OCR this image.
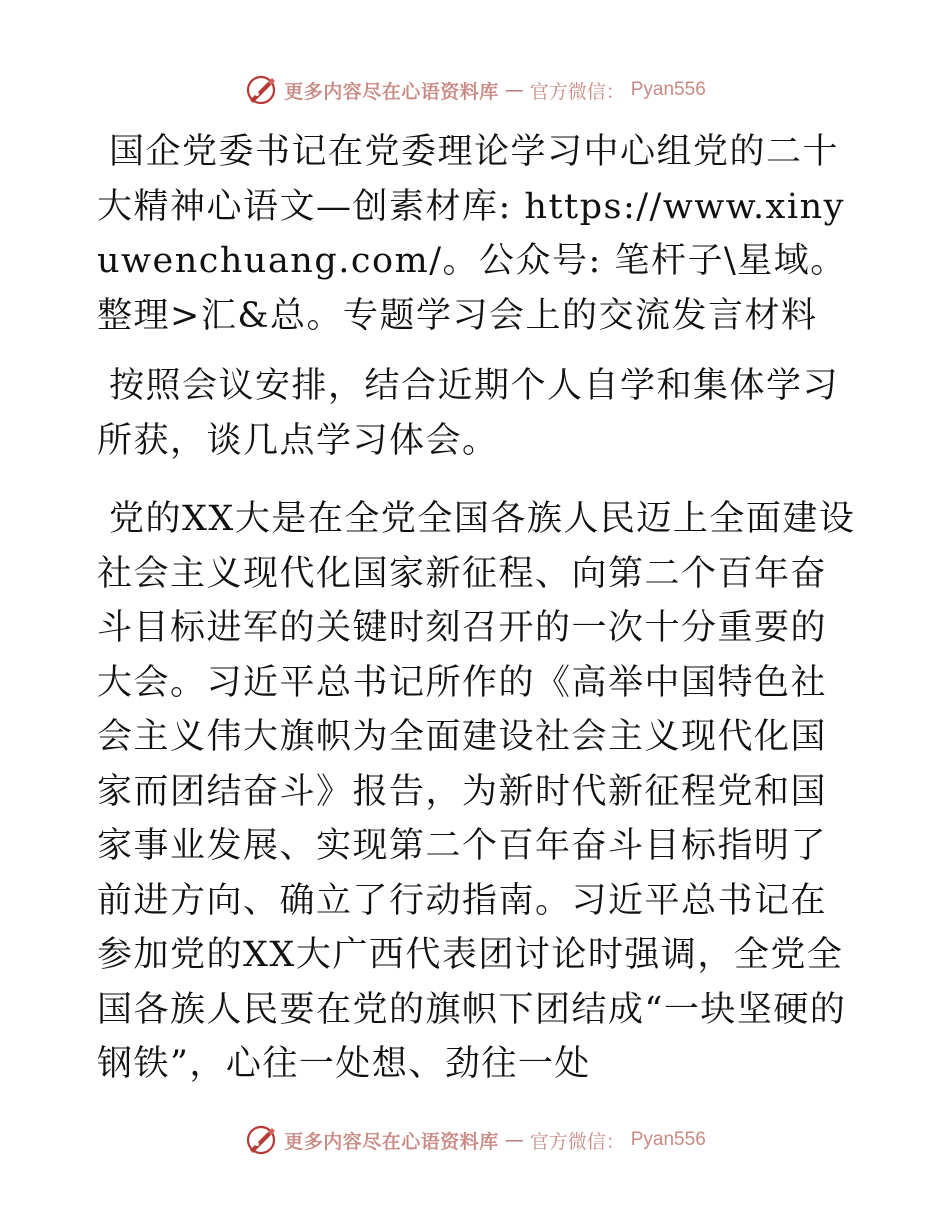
更多内容尽在心语资料库 — 官方微信： Pyan556

国企党委书记在党委理论学习中心组党的二十大精神心语文—创素材库: https://www.xinyuwenchuang.com/。公众号: 笔杆子\星域。整理>汇&总。专题学习会上的交流发言材料

按照会议安排，结合近期个人自学和集体学习所获，谈几点学习体会。

党的XX大是在全党全国各族人民迈上全面建设社会主义现代化国家新征程、向第二个百年奋斗目标进军的关键时刻召开的一次十分重要的大会。习近平总书记所作的《高举中国特色社会主义伟大旗帜为全面建设社会主义现代化国家而团结奋斗》报告，为新时代新征程党和国家事业发展、实现第二个百年奋斗目标指明了前进方向、确立了行动指南。习近平总书记在参加党的XX大广西代表团讨论时强调，全党全国各族人民要在党的旗帜下团结成“一块坚硬的钢铁”，心往一处想、劲往一处

更多内容尽在心语资料库 — 官方微信： Pyan556
